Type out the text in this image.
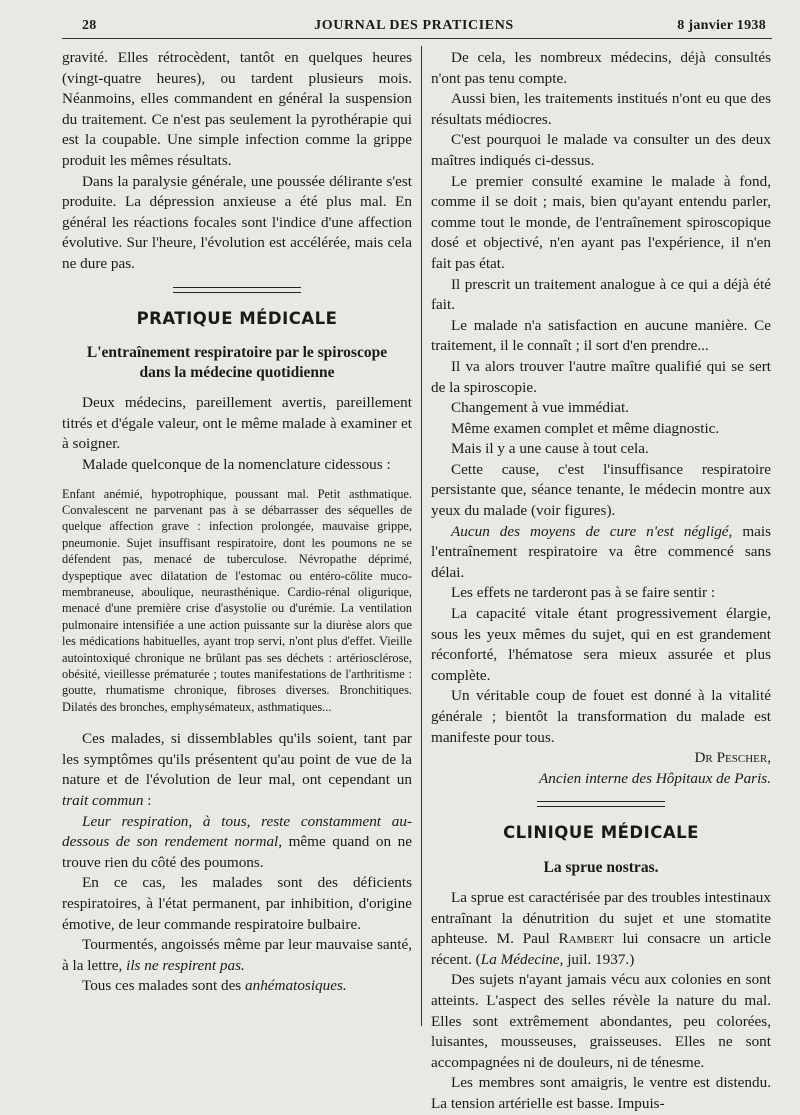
28	JOURNAL DES PRATICIENS	8 janvier 1938

gravité. Elles rétrocèdent, tantôt en quelques heures (vingt-quatre heures), ou tardent plusieurs mois. Néanmoins, elles commandent en général la suspension du traitement. Ce n'est pas seulement la pyrothérapie qui est la coupable. Une simple infection comme la grippe produit les mêmes résultats.

Dans la paralysie générale, une poussée délirante s'est produite. La dépression anxieuse a été plus mal. En général les réactions focales sont l'indice d'une affection évolutive. Sur l'heure, l'évolution est accélérée, mais cela ne dure pas.

PRATIQUE MÉDICALE
L'entraînement respiratoire par le spiroscope
dans la médecine quotidienne

Deux médecins, pareillement avertis, pareillement titrés et d'égale valeur, ont le même malade à examiner et à soigner.

Malade quelconque de la nomenclature cidessous :

Enfant anémié, hypotrophique, poussant mal. Petit asthmatique. Convalescent ne parvenant pas à se débarrasser des séquelles de quelque affection grave : infection prolongée, mauvaise grippe, pneumonie. Sujet insuffisant respiratoire, dont les poumons ne se défendent pas, menacé de tuberculose. Névropathe déprimé, dyspeptique avec dilatation de l'estomac ou entéro-côlite muco-membraneuse, aboulique, neurasthénique. Cardio-rénal oligurique, menacé d'une première crise d'asystolie ou d'urémie. La ventilation pulmonaire intensifiée a une action puissante sur la diurèse alors que les médications habituelles, ayant trop servi, n'ont plus d'effet. Vieille autointoxiqué chronique ne brûlant pas ses déchets : artériosclérose, obésité, vieillesse prématurée ; toutes manifestations de l'arthritisme : goutte, rhumatisme chronique, fibroses diverses. Bronchitiques. Dilatés des bronches, emphysémateux, asthmatiques...

Ces malades, si dissemblables qu'ils soient, tant par les symptômes qu'ils présentent qu'au point de vue de la nature et de l'évolution de leur mal, ont cependant un trait commun :

Leur respiration, à tous, reste constamment au-dessous de son rendement normal, même quand on ne trouve rien du côté des poumons.

En ce cas, les malades sont des déficients respiratoires, à l'état permanent, par inhibition, d'origine émotive, de leur commande respiratoire bulbaire.

Tourmentés, angoissés même par leur mauvaise santé, à la lettre, ils ne respirent pas.

Tous ces malades sont des anhématosiques.

De cela, les nombreux médecins, déjà consultés n'ont pas tenu compte.

Aussi bien, les traitements institués n'ont eu que des résultats médiocres.

C'est pourquoi le malade va consulter un des deux maîtres indiqués ci-dessus.

Le premier consulté examine le malade à fond, comme il se doit ; mais, bien qu'ayant entendu parler, comme tout le monde, de l'entraînement spiroscopique dosé et objectivé, n'en ayant pas l'expérience, il n'en fait pas état.

Il prescrit un traitement analogue à ce qui a déjà été fait.

Le malade n'a satisfaction en aucune manière. Ce traitement, il le connaît ; il sort d'en prendre...

Il va alors trouver l'autre maître qualifié qui se sert de la spiroscopie.

Changement à vue immédiat.

Même examen complet et même diagnostic.

Mais il y a une cause à tout cela.

Cette cause, c'est l'insuffisance respiratoire persistante que, séance tenante, le médecin montre aux yeux du malade (voir figures).

Aucun des moyens de cure n'est négligé, mais l'entraînement respiratoire va être commencé sans délai.

Les effets ne tarderont pas à se faire sentir :

La capacité vitale étant progressivement élargie, sous les yeux mêmes du sujet, qui en est grandement réconforté, l'hématose sera mieux assurée et plus complète.

Un véritable coup de fouet est donné à la vitalité générale ; bientôt la transformation du malade est manifeste pour tous.

Dr Pescher,

Ancien interne des Hôpitaux de Paris.

CLINIQUE MÉDICALE
La sprue nostras.

La sprue est caractérisée par des troubles intestinaux entraînant la dénutrition du sujet et une stomatite aphteuse. M. Paul Rambert lui consacre un article récent. (La Médecine, juil. 1937.)

Des sujets n'ayant jamais vécu aux colonies en sont atteints. L'aspect des selles révèle la nature du mal. Elles sont extrêmement abondantes, peu colorées, luisantes, mousseuses, graisseuses. Elles ne sont accompagnées ni de douleurs, ni de ténesme.

Les membres sont amaigris, le ventre est distendu. La tension artérielle est basse. Impuis-
